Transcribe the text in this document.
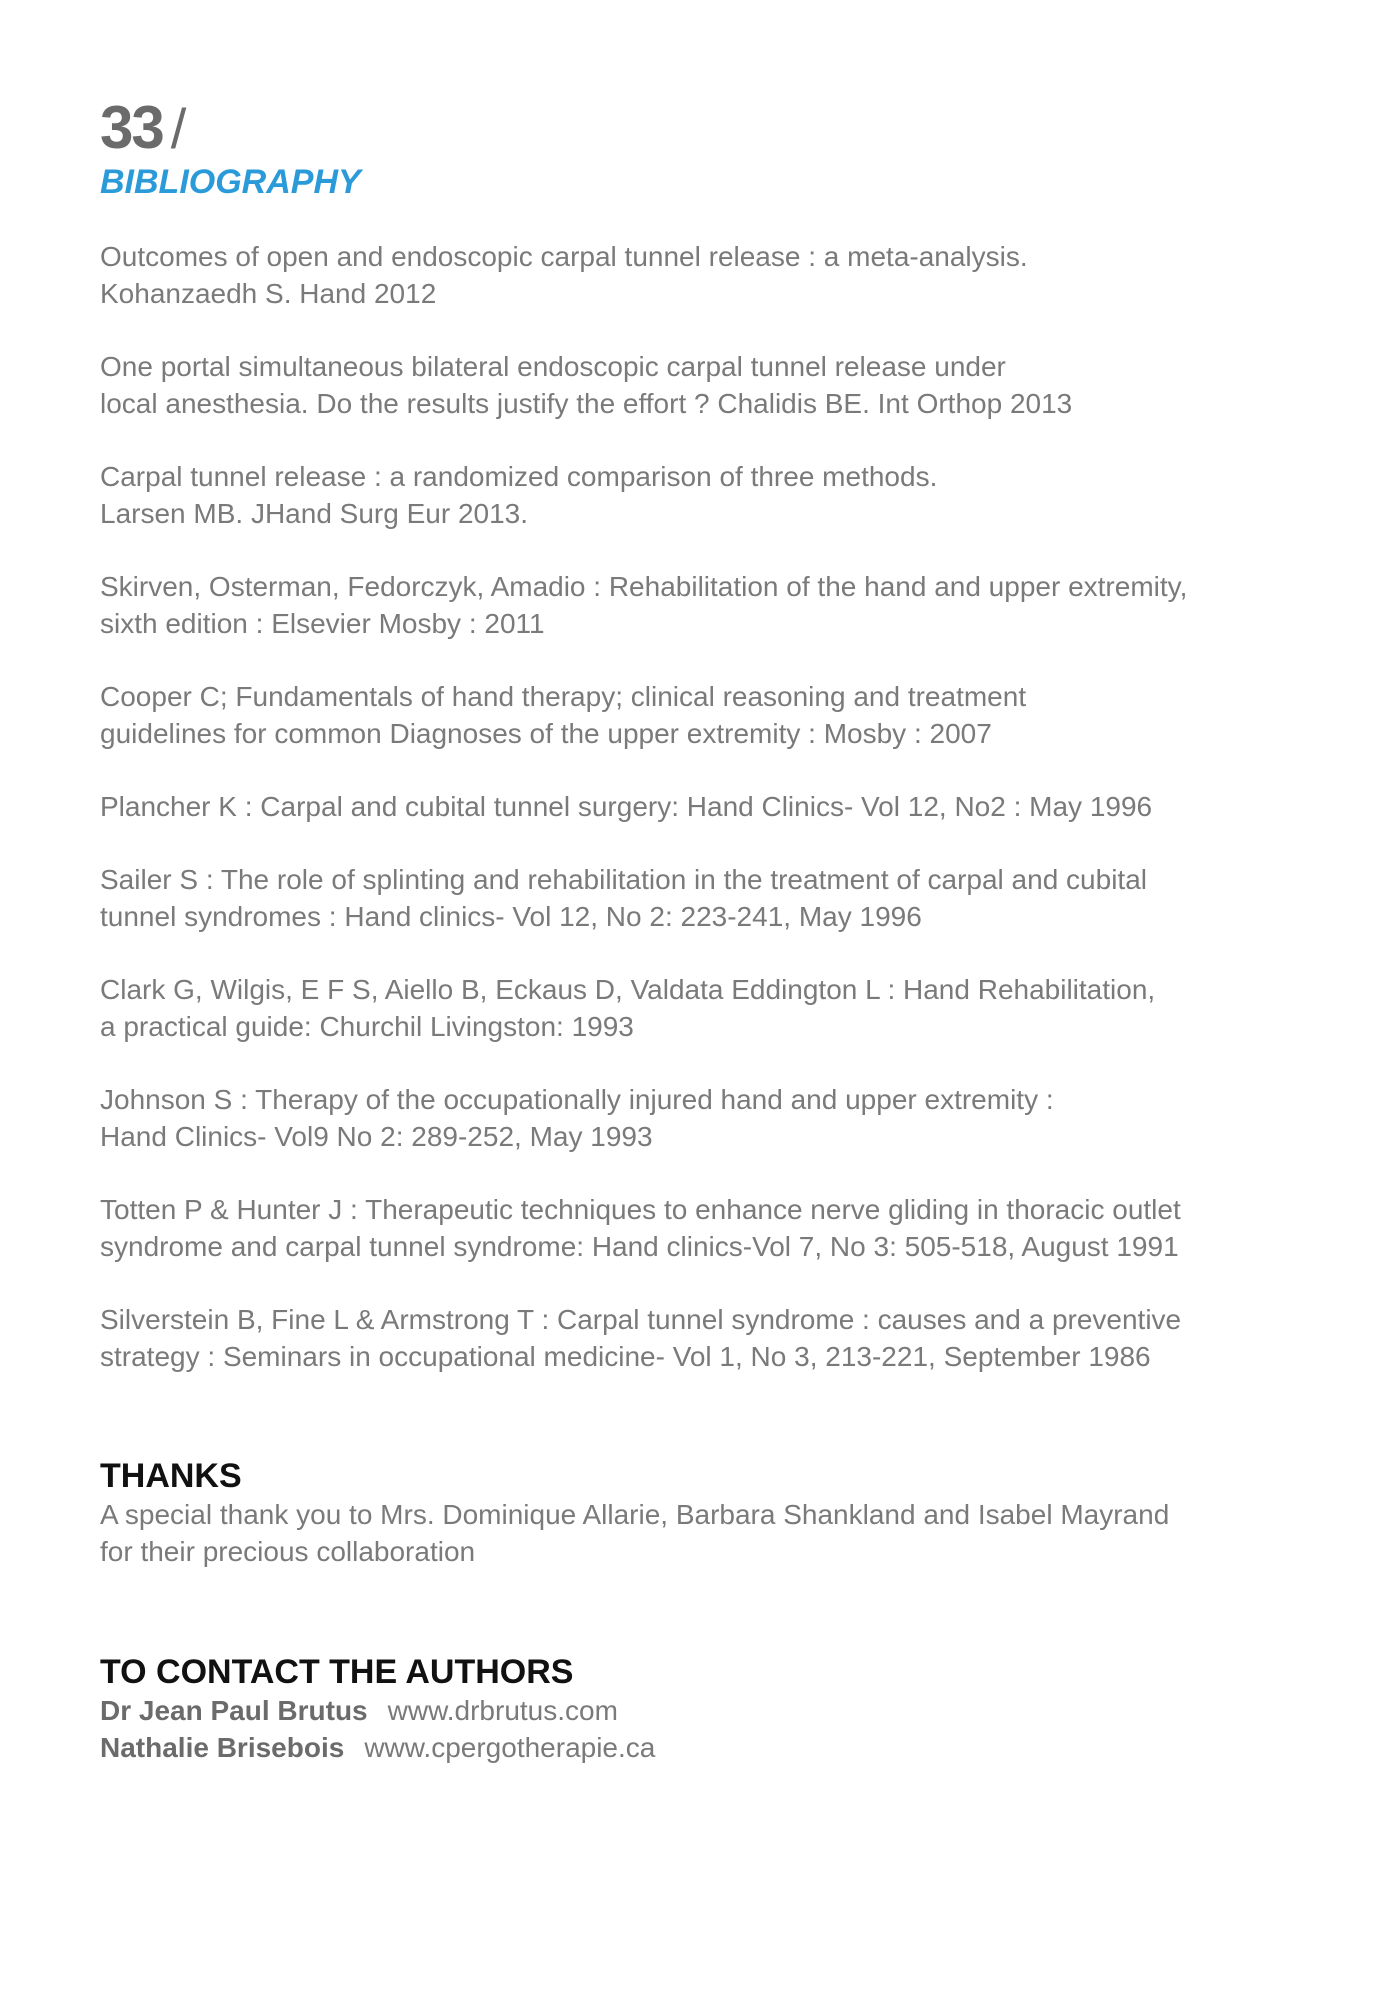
33 /
BIBLIOGRAPHY
Outcomes of open and endoscopic carpal tunnel release : a meta-analysis.
Kohanzaedh S. Hand 2012
One portal simultaneous bilateral endoscopic carpal tunnel release under
local anesthesia. Do the results justify the effort ? Chalidis BE. Int Orthop 2013
Carpal tunnel release : a randomized comparison of three methods.
Larsen MB. JHand Surg Eur 2013.
Skirven, Osterman, Fedorczyk, Amadio : Rehabilitation of the hand and upper extremity,
sixth edition : Elsevier Mosby : 2011
Cooper C; Fundamentals of hand therapy; clinical reasoning and treatment
guidelines for common Diagnoses of the upper extremity : Mosby : 2007
Plancher K : Carpal and cubital tunnel surgery: Hand Clinics- Vol 12, No2 : May 1996
Sailer S : The role of splinting and rehabilitation in the treatment of carpal and cubital
tunnel syndromes : Hand clinics- Vol 12, No 2: 223-241, May 1996
Clark G, Wilgis, E F S, Aiello B, Eckaus D, Valdata Eddington L : Hand Rehabilitation,
a practical guide: Churchil Livingston: 1993
Johnson S : Therapy of the occupationally injured hand and upper extremity :
Hand Clinics- Vol9 No 2: 289-252, May 1993
Totten P & Hunter J : Therapeutic techniques to enhance nerve gliding in thoracic outlet
syndrome and carpal tunnel syndrome: Hand clinics-Vol 7, No 3: 505-518, August 1991
Silverstein B, Fine L & Armstrong T : Carpal tunnel syndrome : causes and a preventive
strategy : Seminars in occupational medicine- Vol 1, No 3, 213-221, September 1986
THANKS
A special thank you to Mrs. Dominique Allarie, Barbara Shankland and Isabel Mayrand
for their precious collaboration
TO CONTACT THE AUTHORS
Dr Jean Paul Brutus www.drbrutus.com
Nathalie Brisebois www.cpergotherapie.ca
